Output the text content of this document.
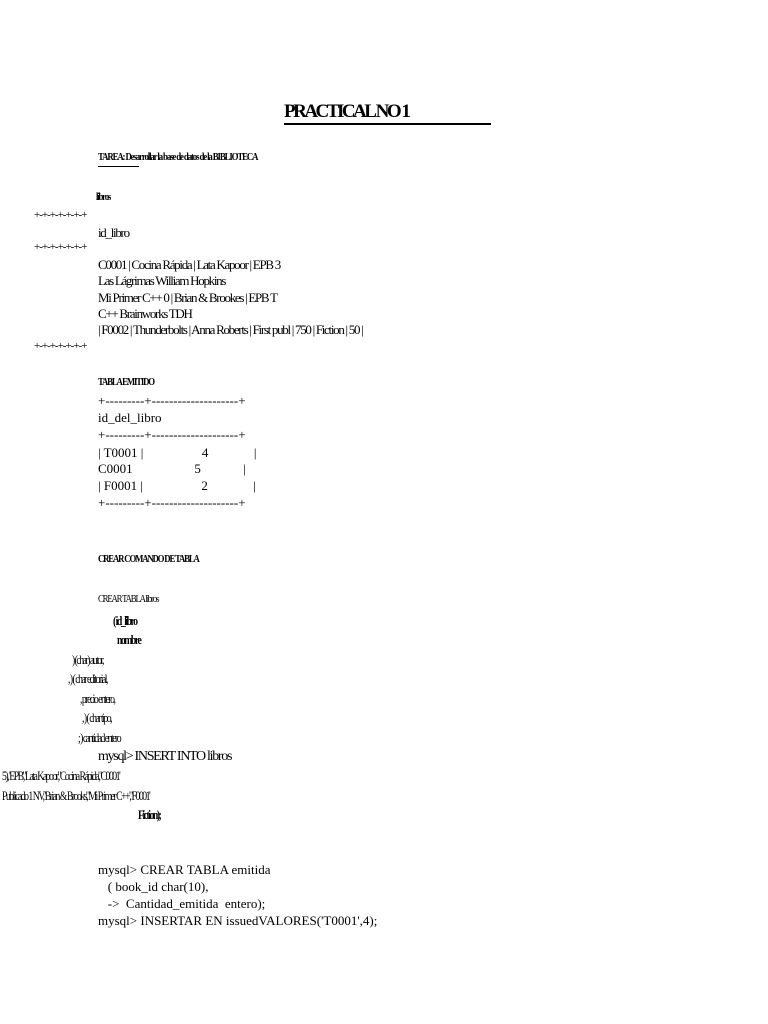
PRACTICAL NO 1
TAREA: Desarrollar la base de datos de la BIBLIOTECA
libros
+-+-+-+-+-+-+
id_libro
+-+-+-+-+-+-+
C0001 | Cocina Rápida | Lata Kapoor | EPB 3
Las Lágrimas William Hopkins
Mi Primer C++ 0 | Brian & Brookes | EPB T
C++ Brainworks TDH
| F0002 | Thunderbolts | Anna Roberts | First publ | 750 | Fiction | 50 |
+-+-+-+-+-+-+
TABLA EMITIDO
+---------+--------------------+
id_del_libro
+---------+--------------------+
| T0001 |                  4              |
C0001                   5             |
| F0001 |                  2              |
+---------+--------------------+
CREAR COMANDO DE TABLA
CREAR TABLA libros
( id_libro
nombre
) (char) autor,
, ) ( char editorial,
, precio entero,
, ) ( char tipo,
; ) cantidad entero
mysql> INSERT INTO libros
5), 'EPB', 'Lata Kapoor', 'Cocina Rápida', 'C0001'
Publicado 1 NV, 'Brian & Brooks', 'Mi Primer C++', 'F0001'
Fiction);
mysql> CREAR TABLA emitida
( book_id char(10),
->  Cantidad_emitida  entero);
mysql> INSERTAR EN issuedVALORES('T0001',4);
